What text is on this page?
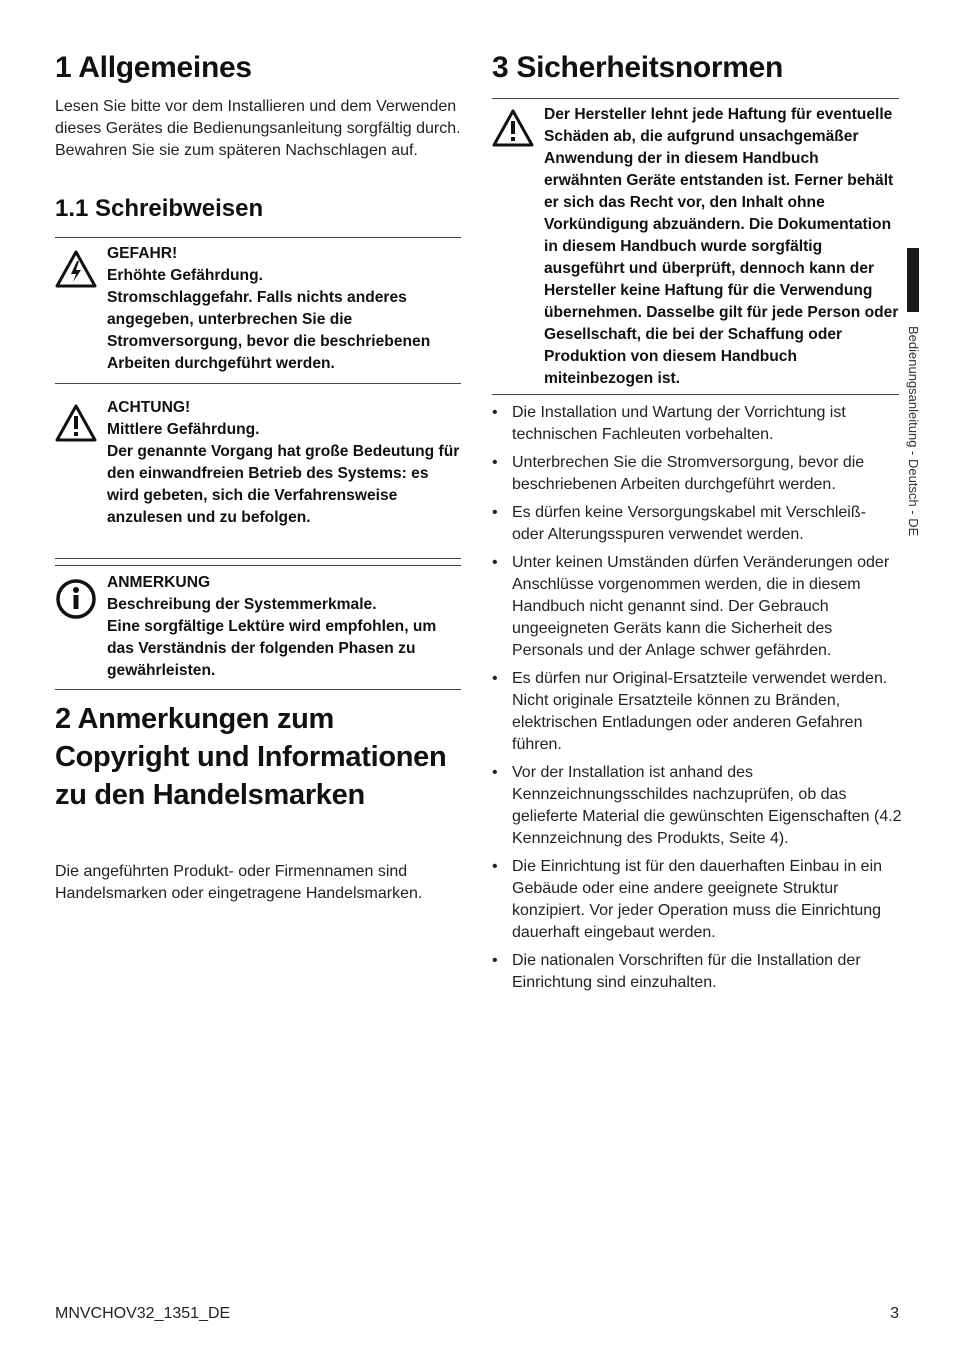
1 Allgemeines

Lesen Sie bitte vor dem Installieren und dem Verwenden dieses Gerätes die Bedienungsanleitung sorgfältig durch. Bewahren Sie sie zum späteren Nachschlagen auf.

1.1 Schreibweisen
GEFAHR!
Erhöhte Gefährdung.
Stromschlaggefahr. Falls nichts anderes angegeben, unterbrechen Sie die Stromversorgung, bevor die beschriebenen Arbeiten durchgeführt werden.
ACHTUNG!
Mittlere Gefährdung.
Der genannte Vorgang hat große Bedeutung für den einwandfreien Betrieb des Systems: es wird gebeten, sich die Verfahrensweise anzulesen und zu befolgen.
ANMERKUNG
Beschreibung der Systemmerkmale.
Eine sorgfältige Lektüre wird empfohlen, um das Verständnis der folgenden Phasen zu gewährleisten.
2 Anmerkungen zum Copyright und Informationen zu den Handelsmarken

Die angeführten Produkt- oder Firmennamen sind Handelsmarken oder eingetragene Handelsmarken.

3 Sicherheitsnormen
Der Hersteller lehnt jede Haftung für eventuelle Schäden ab, die aufgrund unsachgemäßer Anwendung der in diesem Handbuch erwähnten Geräte entstanden ist. Ferner behält er sich das Recht vor, den Inhalt ohne Vorkündigung abzuändern. Die Dokumentation in diesem Handbuch wurde sorgfältig ausgeführt und überprüft, dennoch kann der Hersteller keine Haftung für die Verwendung übernehmen. Dasselbe gilt für jede Person oder Gesellschaft, die bei der Schaffung oder Produktion von diesem Handbuch miteinbezogen ist.
• Die Installation und Wartung der Vorrichtung ist technischen Fachleuten vorbehalten.
• Unterbrechen Sie die Stromversorgung, bevor die beschriebenen Arbeiten durchgeführt werden.
• Es dürfen keine Versorgungskabel mit Verschleiß- oder Alterungsspuren verwendet werden.
• Unter keinen Umständen dürfen Veränderungen oder Anschlüsse vorgenommen werden, die in diesem Handbuch nicht genannt sind. Der Gebrauch ungeeigneten Geräts kann die Sicherheit des Personals und der Anlage schwer gefährden.
• Es dürfen nur Original-Ersatzteile verwendet werden. Nicht originale Ersatzteile können zu Bränden, elektrischen Entladungen oder anderen Gefahren führen.
• Vor der Installation ist anhand des Kennzeichnungsschildes nachzuprüfen, ob das gelieferte Material die gewünschten Eigenschaften (4.2 Kennzeichnung des Produkts, Seite 4).
• Die Einrichtung ist für den dauerhaften Einbau in ein Gebäude oder eine andere geeignete Struktur konzipiert. Vor jeder Operation muss die Einrichtung dauerhaft eingebaut werden.
• Die nationalen Vorschriften für die Installation der Einrichtung sind einzuhalten.
Bedienungsanleitung - Deutsch - DE
MNVCHOV32_1351_DE	3
